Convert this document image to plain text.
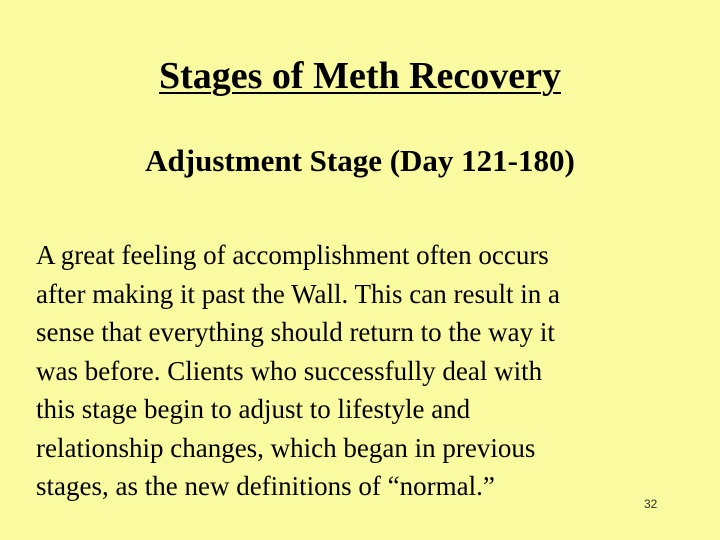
Stages of Meth Recovery
Adjustment Stage (Day 121-180)

A great feeling of accomplishment often occurs
after making it past the Wall. This can result in a
sense that everything should return to the way it
was before. Clients who successfully deal with
this stage begin to adjust to lifestyle and
relationship changes, which began in previous
stages, as the new definitions of “normal.”

32
